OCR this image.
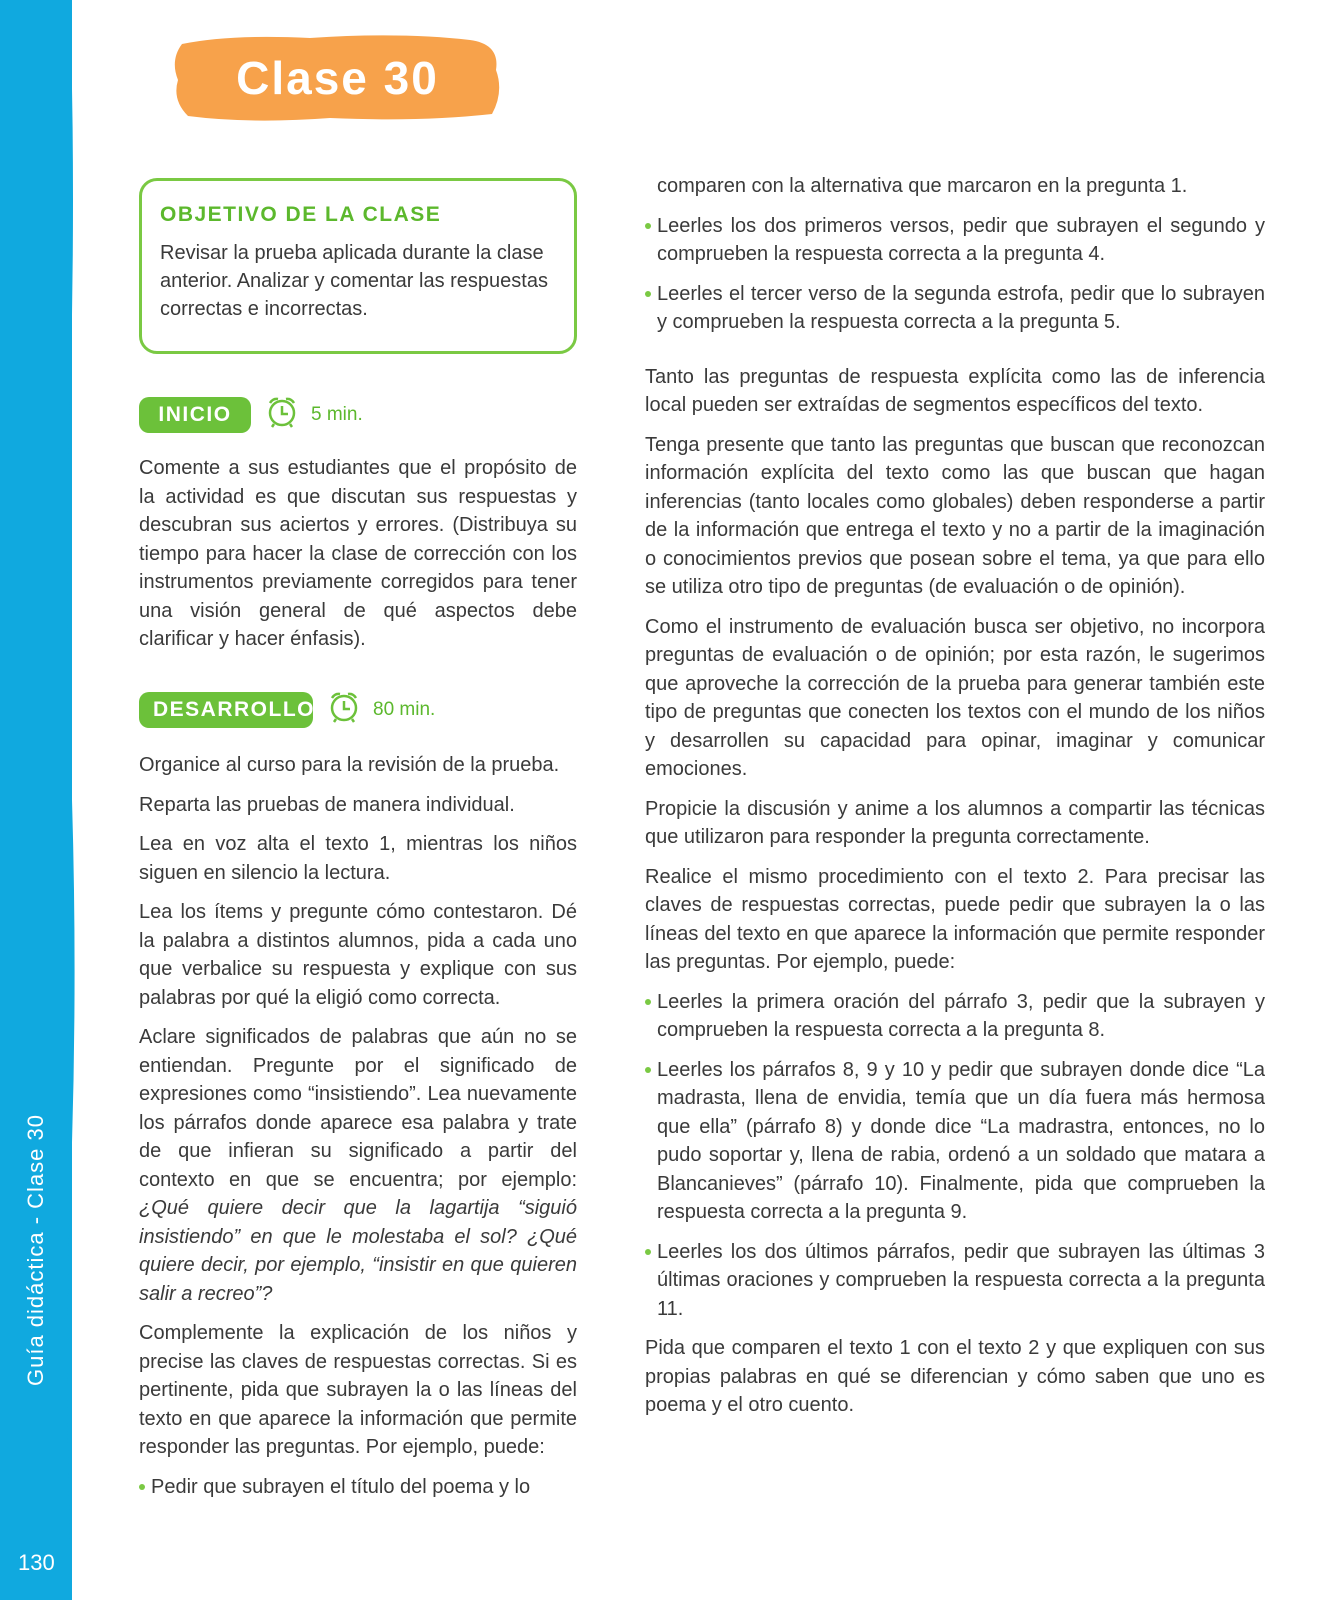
Guía didáctica - Clase 30
130
Clase 30
OBJETIVO DE LA CLASE

Revisar la prueba aplicada durante la clase anterior. Analizar y comentar las respuestas correctas e incorrectas.

INICIO	5 min.
DESARROLLO	80 min.

Comente a sus estudiantes que el propósito de la actividad es que discutan sus respuestas y descubran sus aciertos y errores. (Distribuya su tiempo para hacer la clase de corrección con los instrumentos previamente corregidos para tener una visión general de qué aspectos debe clarificar y hacer énfasis).

Organice al curso para la revisión de la prueba.

Reparta las pruebas de manera individual.

Lea en voz alta el texto 1, mientras los niños siguen en silencio la lectura.

Lea los ítems y pregunte cómo contestaron. Dé la palabra a distintos alumnos, pida a cada uno que verbalice su respuesta y explique con sus palabras por qué la eligió como correcta.

Aclare significados de palabras que aún no se entiendan. Pregunte por el significado de expresiones como “insistiendo”. Lea nuevamente los párrafos donde aparece esa palabra y trate de que infieran su significado a partir del contexto en que se encuentra; por ejemplo: ¿Qué quiere decir que la lagartija “siguió insistiendo” en que le molestaba el sol? ¿Qué quiere decir, por ejemplo, “insistir en que quieren salir a recreo”?

Complemente la explicación de los niños y precise las claves de respuestas correctas. Si es pertinente, pida que subrayen la o las líneas del texto en que aparece la información que permite responder las preguntas. Por ejemplo, puede:

Pedir que subrayen el título del poema y lo

comparen con la alternativa que marcaron en la pregunta 1.

Leerles los dos primeros versos, pedir que subrayen el segundo y comprueben la respuesta correcta a la pregunta 4.

Leerles el tercer verso de la segunda estrofa, pedir que lo subrayen y comprueben la respuesta correcta a la pregunta 5.

Tanto las preguntas de respuesta explícita como las de inferencia local pueden ser extraídas de segmentos específicos del texto.

Tenga presente que tanto las preguntas que buscan que reconozcan información explícita del texto como las que buscan que hagan inferencias (tanto locales como globales) deben responderse a partir de la información que entrega el texto y no a partir de la imaginación o conocimientos previos que posean sobre el tema, ya que para ello se utiliza otro tipo de preguntas (de evaluación o de opinión).

Como el instrumento de evaluación busca ser objetivo, no incorpora preguntas de evaluación o de opinión; por esta razón, le sugerimos que aproveche la corrección de la prueba para generar también este tipo de preguntas que conecten los textos con el mundo de los niños y desarrollen su capacidad para opinar, imaginar y comunicar emociones.

Propicie la discusión y anime a los alumnos a compartir las técnicas que utilizaron para responder la pregunta correctamente.

Realice el mismo procedimiento con el texto 2. Para precisar las claves de respuestas correctas, puede pedir que subrayen la o las líneas del texto en que aparece la información que permite responder las preguntas. Por ejemplo, puede:

Leerles la primera oración del párrafo 3, pedir que la subrayen y comprueben la respuesta correcta a la pregunta 8.

Leerles los párrafos 8, 9 y 10 y pedir que subrayen donde dice “La madrasta, llena de envidia, temía que un día fuera más hermosa que ella” (párrafo 8) y donde dice “La madrastra, entonces, no lo pudo soportar y, llena de rabia, ordenó a un soldado que matara a Blancanieves” (párrafo 10). Finalmente, pida que comprueben la respuesta correcta a la pregunta 9.

Leerles los dos últimos párrafos, pedir que subrayen las últimas 3 últimas oraciones y comprueben la respuesta correcta a la pregunta 11.

Pida que comparen el texto 1 con el texto 2 y que expliquen con sus propias palabras en qué se diferencian y cómo saben que uno es poema y el otro cuento.
